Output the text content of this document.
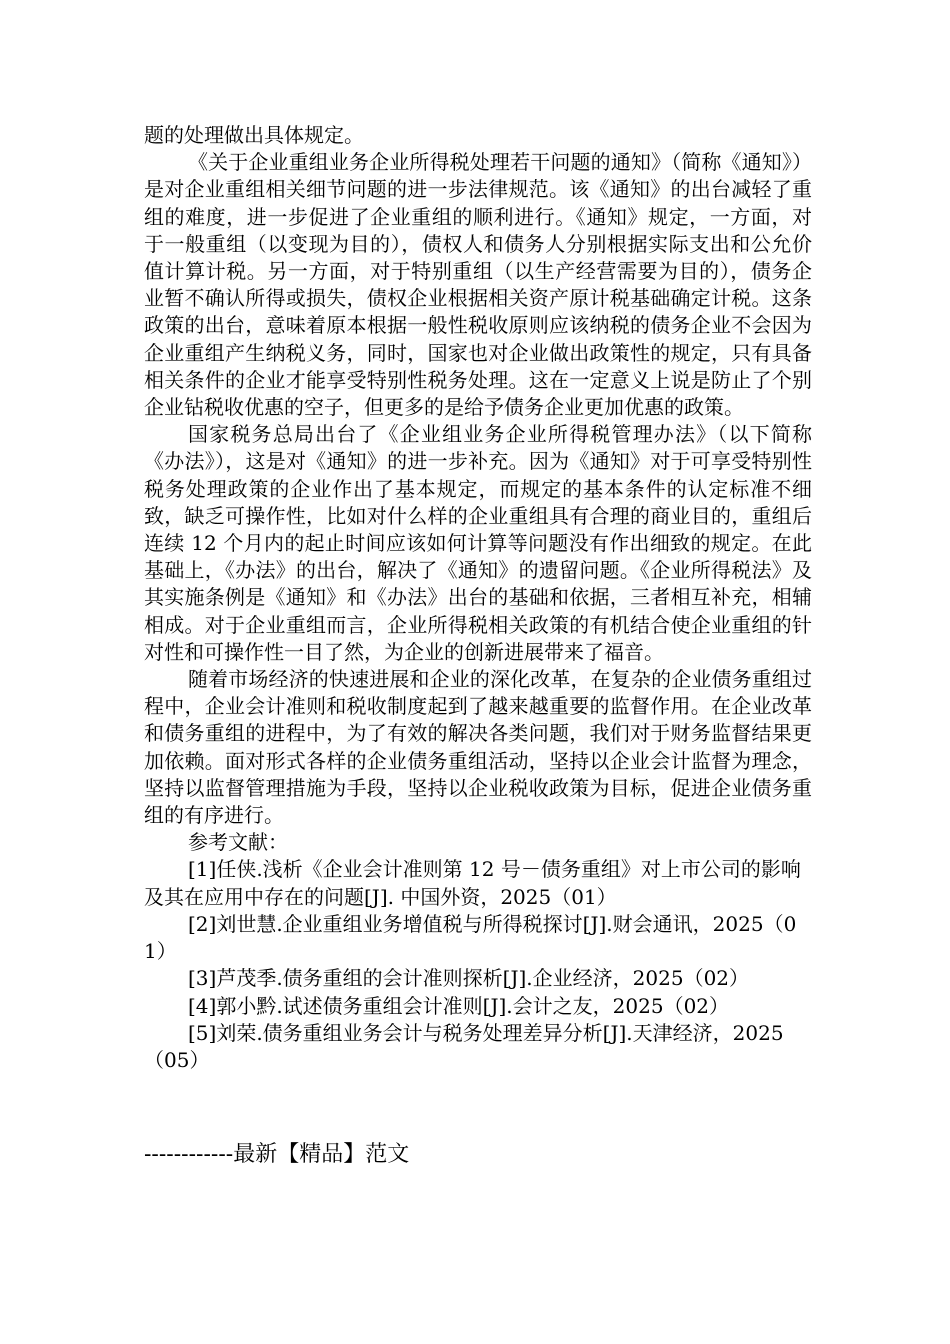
题的处理做出具体规定。

《关于企业重组业务企业所得税处理若干问题的通知》（简称《通知》）是对企业重组相关细节问题的进一步法律规范。该《通知》的出台减轻了重组的难度，进一步促进了企业重组的顺利进行。《通知》规定，一方面，对于一般重组（以变现为目的），债权人和债务人分别根据实际支出和公允价值计算计税。另一方面，对于特别重组（以生产经营需要为目的），债务企业暂不确认所得或损失，债权企业根据相关资产原计税基础确定计税。这条政策的出台，意味着原本根据一般性税收原则应该纳税的债务企业不会因为企业重组产生纳税义务，同时，国家也对企业做出政策性的规定，只有具备相关条件的企业才能享受特别性税务处理。这在一定意义上说是防止了个别企业钻税收优惠的空子，但更多的是给予债务企业更加优惠的政策。

国家税务总局出台了《企业组业务企业所得税管理办法》（以下简称《办法》），这是对《通知》的进一步补充。因为《通知》对于可享受特别性税务处理政策的企业作出了基本规定，而规定的基本条件的认定标准不细致，缺乏可操作性，比如对什么样的企业重组具有合理的商业目的，重组后连续 12 个月内的起止时间应该如何计算等问题没有作出细致的规定。在此基础上，《办法》的出台，解决了《通知》的遗留问题。《企业所得税法》及其实施条例是《通知》和《办法》出台的基础和依据，三者相互补充，相辅相成。对于企业重组而言，企业所得税相关政策的有机结合使企业重组的针对性和可操作性一目了然，为企业的创新进展带来了福音。

随着市场经济的快速进展和企业的深化改革，在复杂的企业债务重组过程中，企业会计准则和税收制度起到了越来越重要的监督作用。在企业改革和债务重组的进程中，为了有效的解决各类问题，我们对于财务监督结果更加依赖。面对形式各样的企业债务重组活动，坚持以企业会计监督为理念，坚持以监督管理措施为手段，坚持以企业税收政策为目标，促进企业债务重组的有序进行。

参考文献：

[1]任侠.浅析《企业会计准则第 12 号－债务重组》对上市公司的影响及其在应用中存在的问题[J]. 中国外资，2025（01）

[2]刘世慧.企业重组业务增值税与所得税探讨[J].财会通讯，2025（01）

[3]芦茂季.债务重组的会计准则探析[J].企业经济，2025（02）

[4]郭小黔.试述债务重组会计准则[J].会计之友，2025（02）

[5]刘荣.债务重组业务会计与税务处理差异分析[J].天津经济，2025（05）

------------最新【精品】范文
